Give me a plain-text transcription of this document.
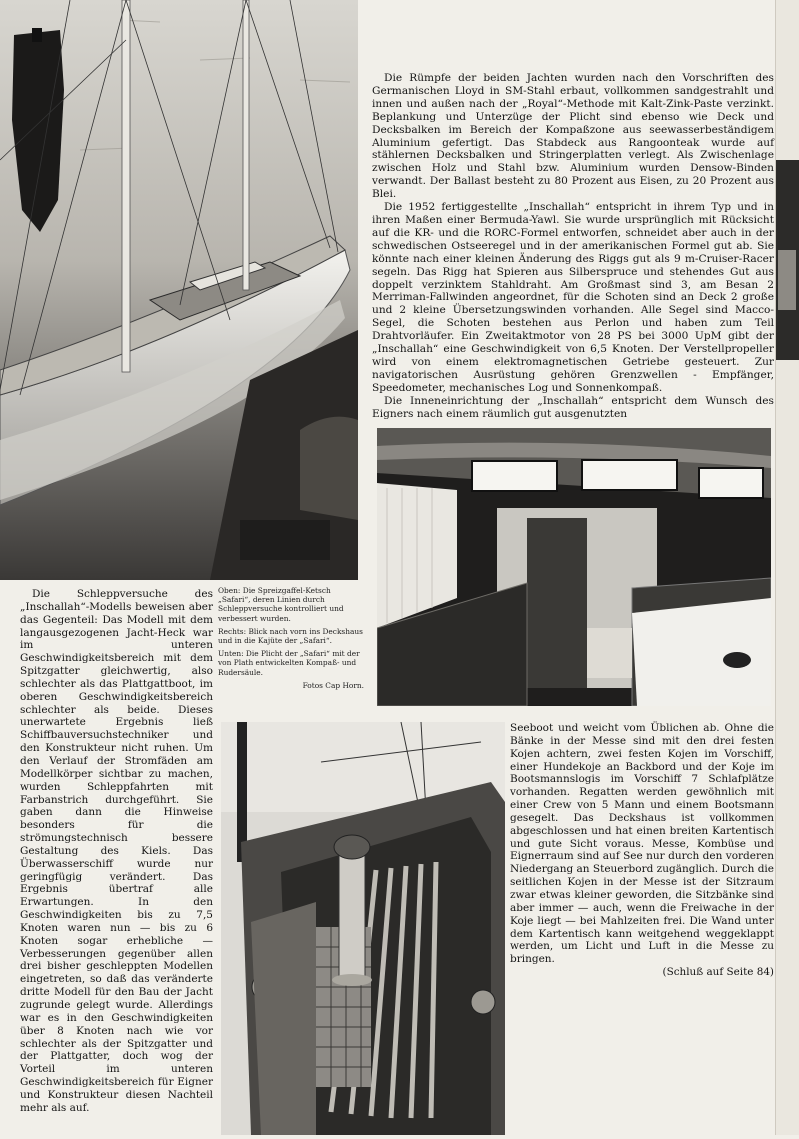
Die Rümpfe der beiden Jachten wurden nach den Vorschriften des Germanischen Lloyd in SM-Stahl erbaut, vollkommen sandgestrahlt und innen und außen nach der „Royal“-Methode mit Kalt-Zink-Paste verzinkt. Beplankung und Unterzüge der Plicht sind ebenso wie Deck und Decksbalken im Bereich der Kompaßzone aus seewasserbeständigem Aluminium gefertigt. Das Stabdeck aus Rangoonteak wurde auf stählernen Decksbalken und Stringerplatten verlegt. Als Zwischenlage zwischen Holz und Stahl bzw. Aluminium wurden Densow-Binden verwandt. Der Ballast besteht zu 80 Prozent aus Eisen, zu 20 Prozent aus Blei.

Die 1952 fertiggestellte „Inschallah“ entspricht in ihrem Typ und in ihren Maßen einer Bermuda-Yawl. Sie wurde ursprünglich mit Rücksicht auf die KR- und die RORC-Formel entworfen, schneidet aber auch in der schwedischen Ostseeregel und in der amerikanischen Formel gut ab. Sie könnte nach einer kleinen Änderung des Riggs gut als 9 m-Cruiser-Racer segeln. Das Rigg hat Spieren aus Silberspruce und stehendes Gut aus doppelt verzinktem Stahldraht. Am Großmast sind 3, am Besan 2 Merriman-Fallwinden angeordnet, für die Schoten sind an Deck 2 große und 2 kleine Übersetzungswinden vorhanden. Alle Segel sind Macco-Segel, die Schoten bestehen aus Perlon und haben zum Teil Drahtvorläufer. Ein Zweitaktmotor von 28 PS bei 3000 UpM gibt der „Inschallah“ eine Geschwindigkeit von 6,5 Knoten. Der Verstellpropeller wird von einem elektromagnetischen Getriebe gesteuert. Zur navigatorischen Ausrüstung gehören Grenzwellen - Empfänger, Speedometer, mechanisches Log und Sonnenkompaß.

Die Inneneinrichtung der „Inschallah“ entspricht dem Wunsch des Eigners nach einem räumlich gut ausgenutzten

Oben: Die Spreizgaffel-Ketsch „Safari“, deren Linien durch Schleppversuche kontrolliert und verbessert wurden.

Rechts: Blick nach vorn ins Deckshaus und in die Kajüte der „Safari“.

Unten: Die Plicht der „Safari“ mit der von Plath entwickelten Kompaß- und Rudersäule.

Fotos Cap Horn.

Die Schleppversuche des „Inschallah“-Modells beweisen aber das Gegenteil: Das Modell mit dem langausgezogenen Jacht-Heck war im unteren Geschwindigkeitsbereich mit dem Spitzgatter gleichwertig, also schlechter als das Plattgattboot, im oberen Geschwindigkeitsbereich schlechter als beide. Dieses unerwartete Ergebnis ließ Schiffbauversuchstechniker und den Konstrukteur nicht ruhen. Um den Verlauf der Stromfäden am Modellkörper sichtbar zu machen, wurden Schleppfahrten mit Farbanstrich durchgeführt. Sie gaben dann die Hinweise besonders für die strömungstechnisch bessere Gestaltung des Kiels. Das Überwasserschiff wurde nur geringfügig verändert. Das Ergebnis übertraf alle Erwartungen. In den Geschwindigkeiten bis zu 7,5 Knoten waren nun — bis zu 6 Knoten sogar erhebliche — Verbesserungen gegenüber allen drei bisher geschleppten Modellen eingetreten, so daß das veränderte dritte Modell für den Bau der Jacht zugrunde gelegt wurde. Allerdings war es in den Geschwindigkeiten über 8 Knoten nach wie vor schlechter als der Spitzgatter und der Plattgatter, doch wog der Vorteil im unteren Geschwindigkeitsbereich für Eigner und Konstrukteur diesen Nachteil mehr als auf.

Seeboot und weicht vom Üblichen ab. Ohne die Bänke in der Messe sind mit den drei festen Kojen achtern, zwei festen Kojen im Vorschiff, einer Hundekoje an Backbord und der Koje im Bootsmannslogis im Vorschiff 7 Schlafplätze vorhanden. Regatten werden gewöhnlich mit einer Crew von 5 Mann und einem Bootsmann gesegelt. Das Deckshaus ist vollkommen abgeschlossen und hat einen breiten Kartentisch und gute Sicht voraus. Messe, Kombüse und Eignerraum sind auf See nur durch den vorderen Niedergang an Steuerbord zugänglich. Durch die seitlichen Kojen in der Messe ist der Sitzraum zwar etwas kleiner geworden, die Sitzbänke sind aber immer — auch, wenn die Freiwache in der Koje liegt — bei Mahlzeiten frei. Die Wand unter dem Kartentisch kann weitgehend weggeklappt werden, um Licht und Luft in die Messe zu bringen.

(Schluß auf Seite 84)
